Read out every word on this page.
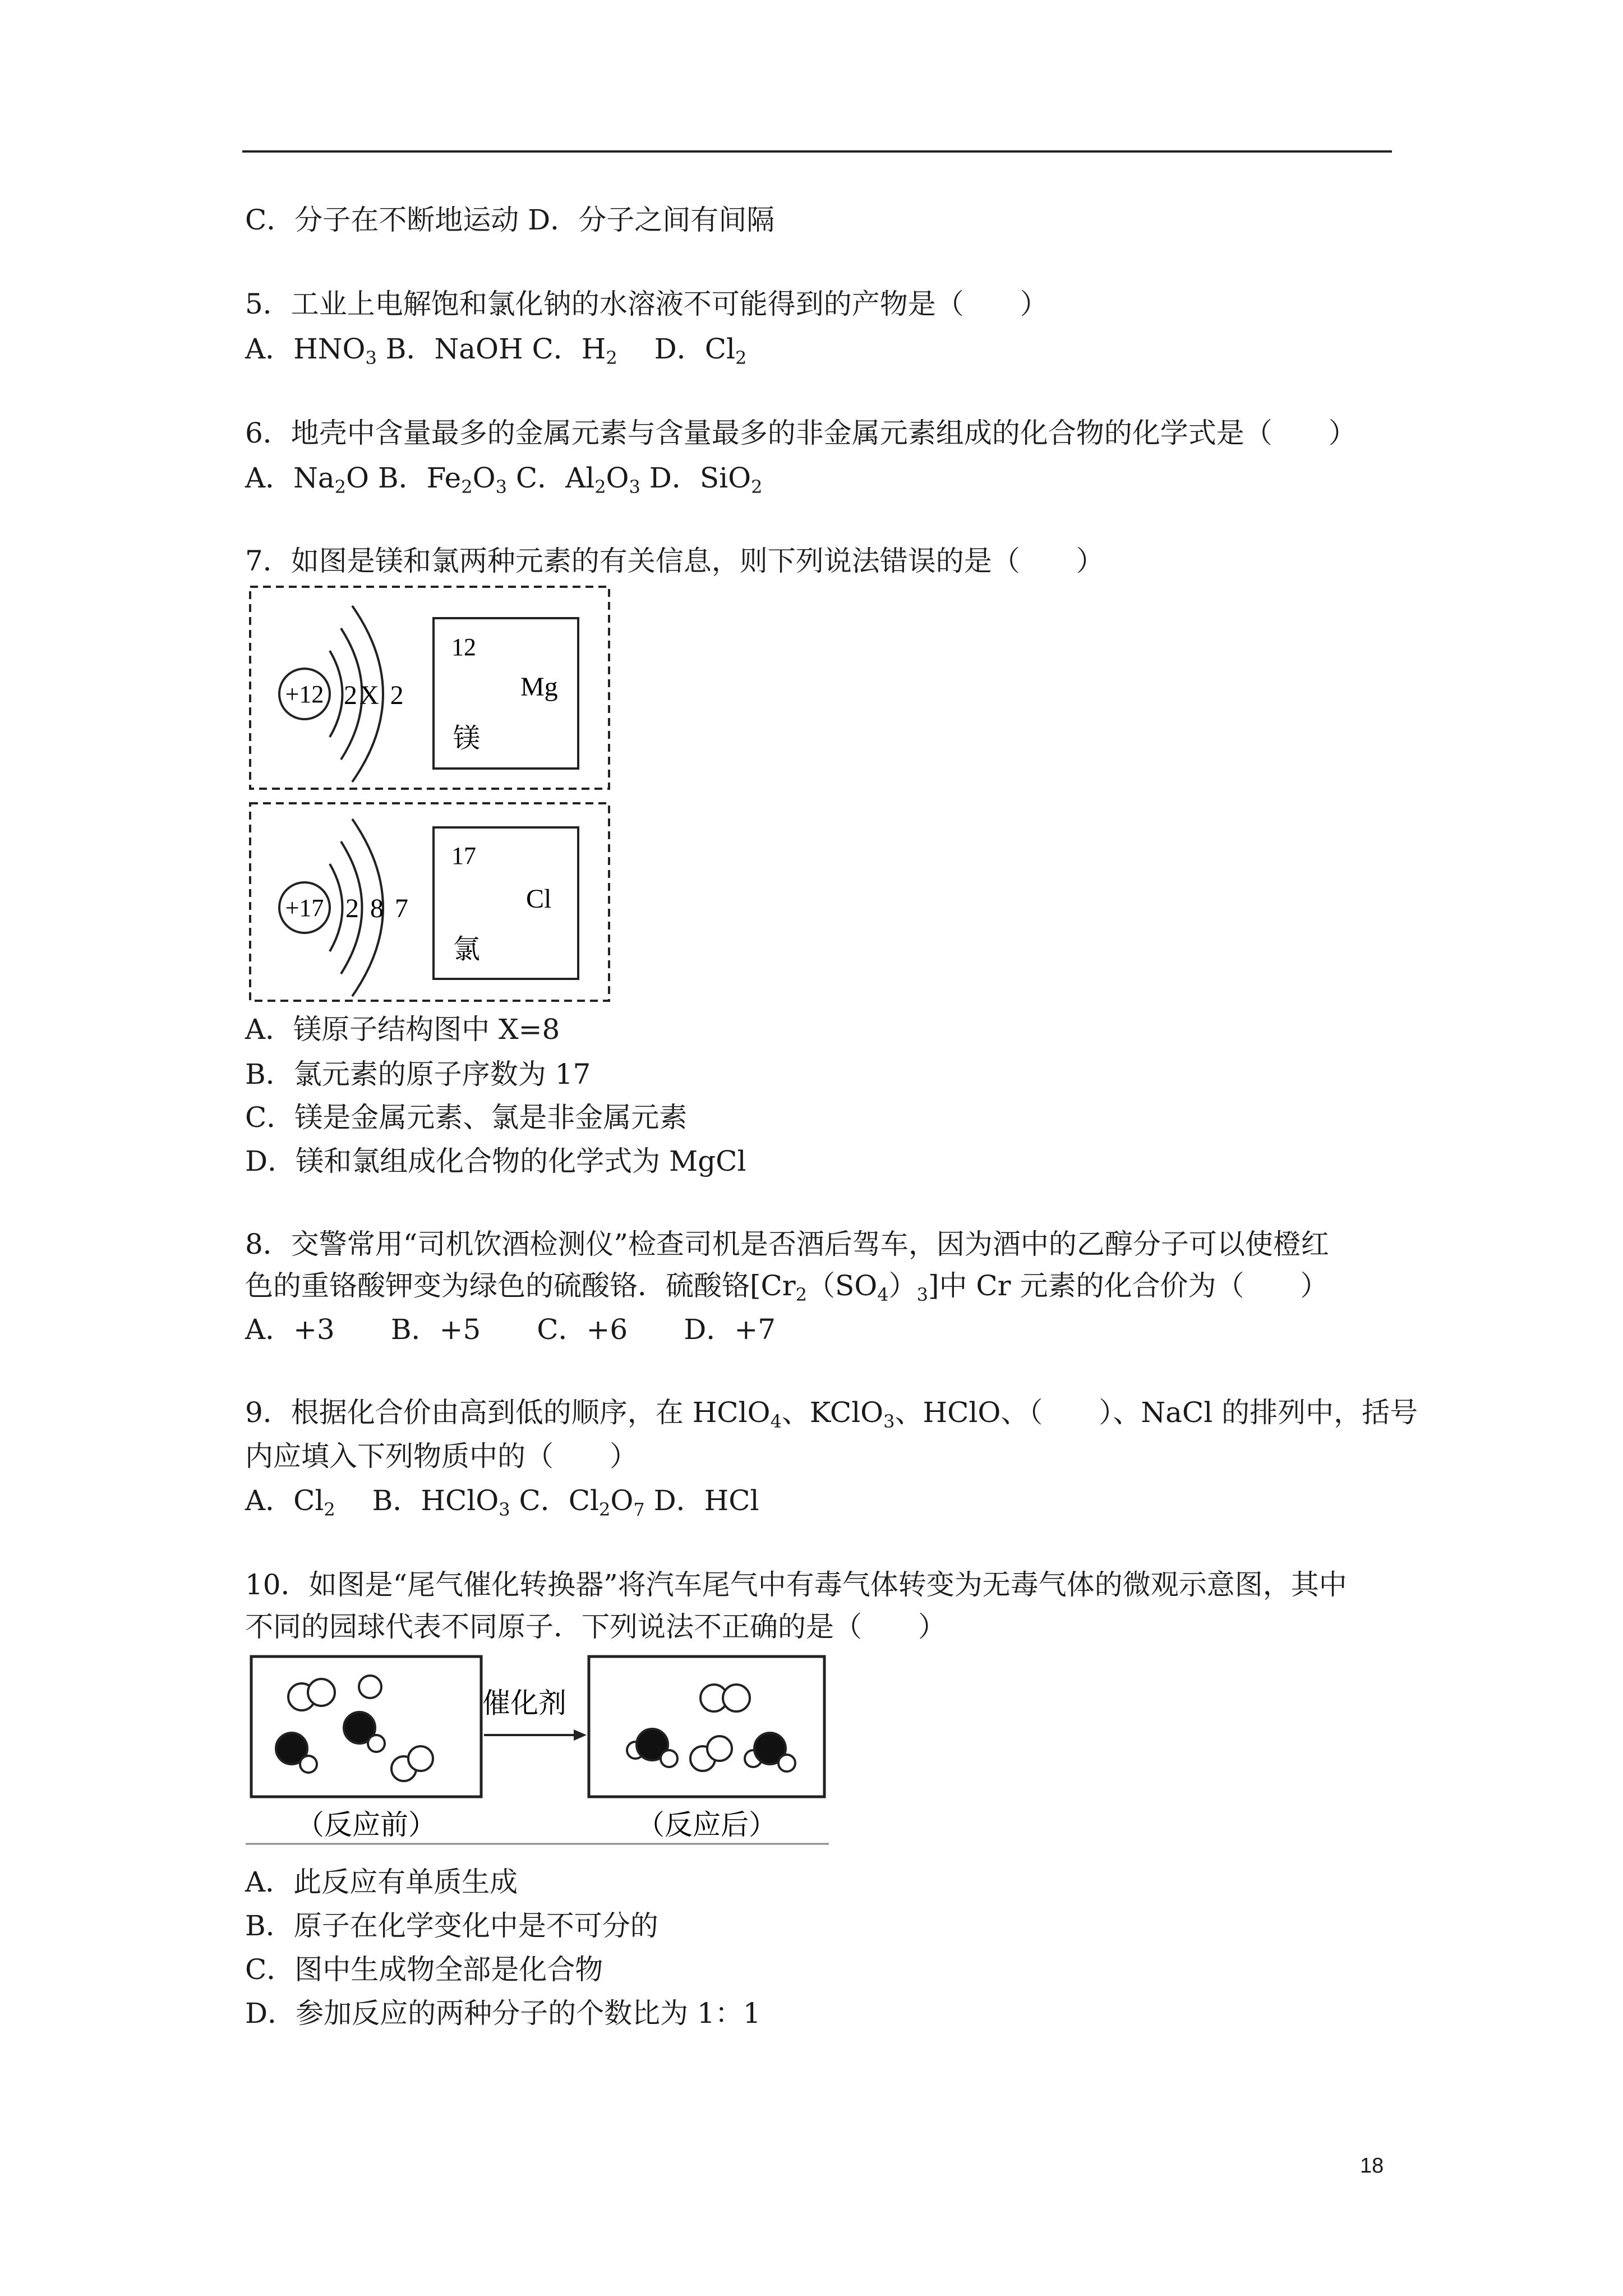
C．分子在不断地运动 D．分子之间有间隔
5．工业上电解饱和氯化钠的水溶液不可能得到的产物是（　　）
A．$HNO_3$ B．NaOH C．$H_2$　 D．$Cl_2$
6．地壳中含量最多的金属元素与含量最多的非金属元素组成的化合物的化学式是（　　）
A．$Na_2O$ B．$Fe_2O_3$ C．$Al_2O_3$ D．SiO$_2$
7．如图是镁和氯两种元素的有关信息，则下列说法错误的是（　　）
+12 2X 2
12
Mg
镁
+17 2 8 7
17
Cl
氯
A．镁原子结构图中 X=8
B．氯元素的原子序数为 17
C．镁是金属元素、氯是非金属元素
D．镁和氯组成化合物的化学式为 MgCl
8．交警常用“司机饮酒检测仪”检查司机是否酒后驾车，因为酒中的乙醇分子可以使橙红
色的重铬酸钾变为绿色的硫酸铬．硫酸铬$[Cr_2(SO_4)_3]$中 Cr 元素的化合价为（　　）
A．+3　　B．+5　　C．+6　　D．+7
9．根据化合价由高到低的顺序，在 HClO$_4$、KClO$_3$、HClO、（　　）、NaCl 的排列中，括号
内应填入下列物质中的（　　）
A．$Cl_2$　 B．HClO$_3$ C．$Cl_2O_7$ D．HCl
10．如图是“尾气催化转换器”将汽车尾气中有毒气体转变为无毒气体的微观示意图，其中
不同的园球代表不同原子．下列说法不正确的是（　　）
催化剂
（反应前）	（反应后）
A．此反应有单质生成
B．原子在化学变化中是不可分的
C．图中生成物全部是化合物
D．参加反应的两种分子的个数比为 1：1
18
